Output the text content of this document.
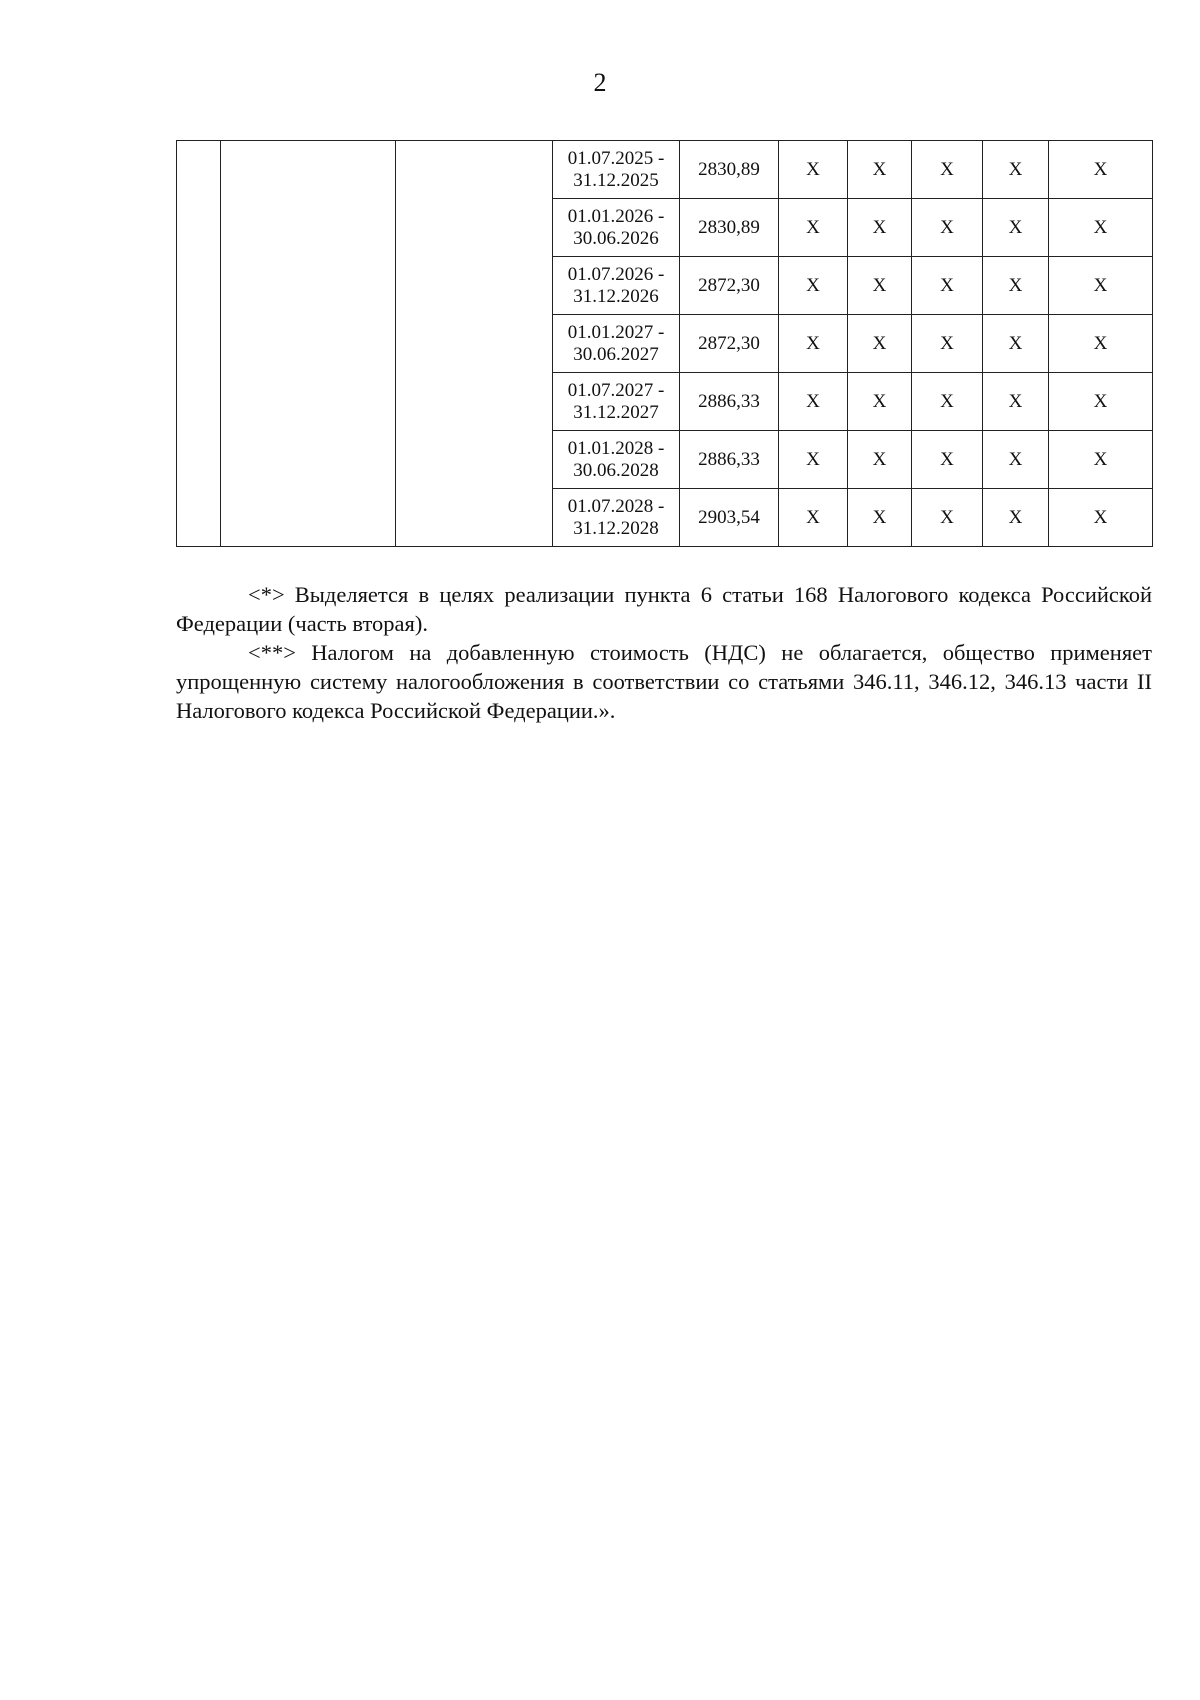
2

			01.07.2025 -
31.12.2025	2830,89	X	X	X	X	X

			01.01.2026 -
30.06.2026	2830,89	X	X	X	X	X

			01.07.2026 -
31.12.2026	2872,30	X	X	X	X	X

			01.01.2027 -
30.06.2027	2872,30	X	X	X	X	X

			01.07.2027 -
31.12.2027	2886,33	X	X	X	X	X

			01.01.2028 -
30.06.2028	2886,33	X	X	X	X	X

			01.07.2028 -
31.12.2028	2903,54	X	X	X	X	X

<*> Выделяется в целях реализации пункта 6 статьи 168 Налогового кодекса Российской Федерации (часть вторая).

<**> Налогом на добавленную стоимость (НДС) не облагается, общество применяет упрощенную систему налогообложения в соответствии со статьями 346.11, 346.12, 346.13 части II Налогового кодекса Российской Федерации.».
